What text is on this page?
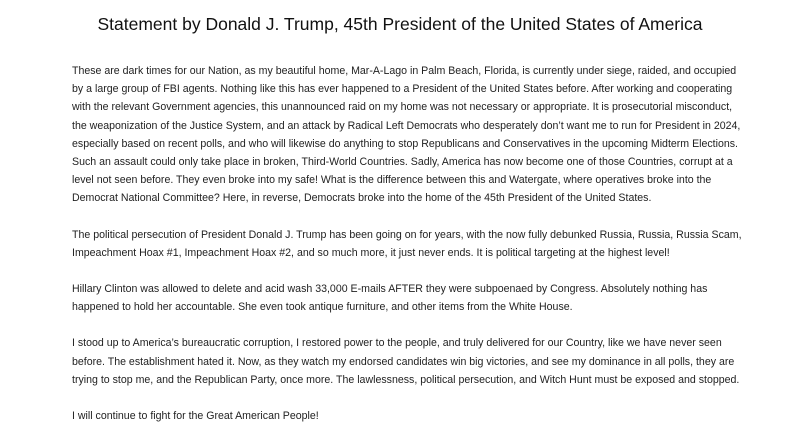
Statement by Donald J. Trump, 45th President of the United States of America

These are dark times for our Nation, as my beautiful home, Mar-A-Lago in Palm Beach, Florida, is currently under siege, raided, and occupied
by a large group of FBI agents. Nothing like this has ever happened to a President of the United States before. After working and cooperating
with the relevant Government agencies, this unannounced raid on my home was not necessary or appropriate. It is prosecutorial misconduct,
the weaponization of the Justice System, and an attack by Radical Left Democrats who desperately don’t want me to run for President in 2024,
especially based on recent polls, and who will likewise do anything to stop Republicans and Conservatives in the upcoming Midterm Elections.
Such an assault could only take place in broken, Third-World Countries. Sadly, America has now become one of those Countries, corrupt at a
level not seen before. They even broke into my safe! What is the difference between this and Watergate, where operatives broke into the
Democrat National Committee? Here, in reverse, Democrats broke into the home of the 45th President of the United States.

The political persecution of President Donald J. Trump has been going on for years, with the now fully debunked Russia, Russia, Russia Scam,
Impeachment Hoax #1, Impeachment Hoax #2, and so much more, it just never ends. It is political targeting at the highest level!

Hillary Clinton was allowed to delete and acid wash 33,000 E-mails AFTER they were subpoenaed by Congress. Absolutely nothing has
happened to hold her accountable. She even took antique furniture, and other items from the White House.

I stood up to America’s bureaucratic corruption, I restored power to the people, and truly delivered for our Country, like we have never seen
before. The establishment hated it. Now, as they watch my endorsed candidates win big victories, and see my dominance in all polls, they are
trying to stop me, and the Republican Party, once more. The lawlessness, political persecution, and Witch Hunt must be exposed and stopped.

I will continue to fight for the Great American People!
